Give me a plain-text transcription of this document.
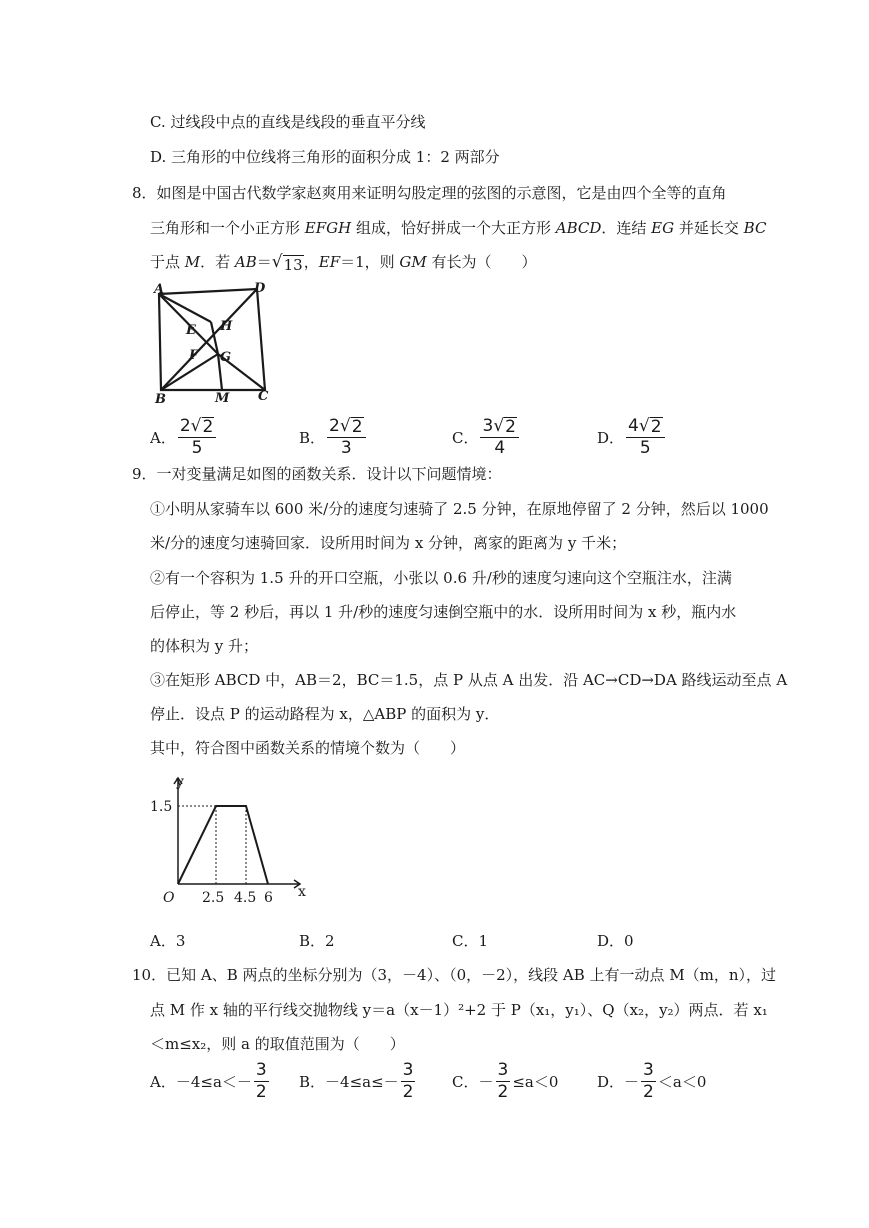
C. 过线段中点的直线是线段的垂直平分线
D. 三角形的中位线将三角形的面积分成 1：2 两部分
8．如图是中国古代数学家赵爽用来证明勾股定理的弦图的示意图，它是由四个全等的直角
三角形和一个小正方形 EFGH 组成，恰好拼成一个大正方形 ABCD．连结 EG 并延长交 BC
于点 M．若 AB＝ √ 13 ，EF＝1，则 GM 有长为（　　）
A	D
B	C
E H
F G
M
A． $\frac{2 √ 2}{5}$	B． $\frac{2 √ 2}{3}$	C． $\frac{3 √ 2}{4}$	D． $\frac{4 √ 2}{5}$
9．一对变量满足如图的函数关系．设计以下问题情境：
①小明从家骑车以 600 米/分的速度匀速骑了 2.5 分钟，在原地停留了 2 分钟，然后以 1000
米/分的速度匀速骑回家．设所用时间为 x 分钟，离家的距离为 y 千米；
②有一个容积为 1.5 升的开口空瓶，小张以 0.6 升/秒的速度匀速向这个空瓶注水，注满
后停止，等 2 秒后，再以 1 升/秒的速度匀速倒空瓶中的水．设所用时间为 x 秒，瓶内水
的体积为 y 升；
③在矩形 ABCD 中，AB＝2，BC＝1.5，点 P 从点 A 出发．沿 AC→CD→DA 路线运动至点 A
停止．设点 P 的运动路程为 x，△ABP 的面积为 y．
其中，符合图中函数关系的情境个数为（　　）
y
x
1.5
O 2.5 4.5 6
A．3	B．2	C．1	D．0
10．已知 A、B 两点的坐标分别为（3，－4）、（0，－2），线段 AB 上有一动点 M（m，n），过
点 M 作 x 轴的平行线交抛物线 y＝a（x－1）²+2 于 P（x₁，y₁）、Q（x₂，y₂）两点．若 x₁
＜m≤x₂，则 a 的取值范围为（　　）
A． $-4\le a<- \frac{3}{2}$ B． $-4\le a\le- \frac{3}{2}$ C． － $\frac{3}{2} \le a<0$	D． － $\frac{3}{2} <a<0$
